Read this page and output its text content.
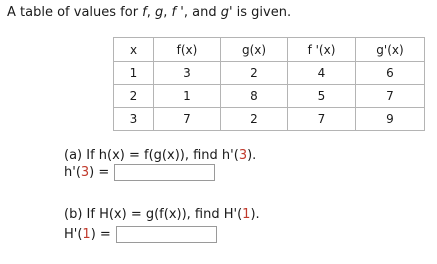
A table of values for f, g, f ', and g' is given.
x	f(x)	g(x)	f '(x)	g'(x)
1	3	2	4	6
2	1	8	5	7
3	7	2	7	9
(a) If h(x) = f(g(x)), find h'(3).
h'(3) =
(b) If H(x) = g(f(x)), find H'(1).
H'(1) =
